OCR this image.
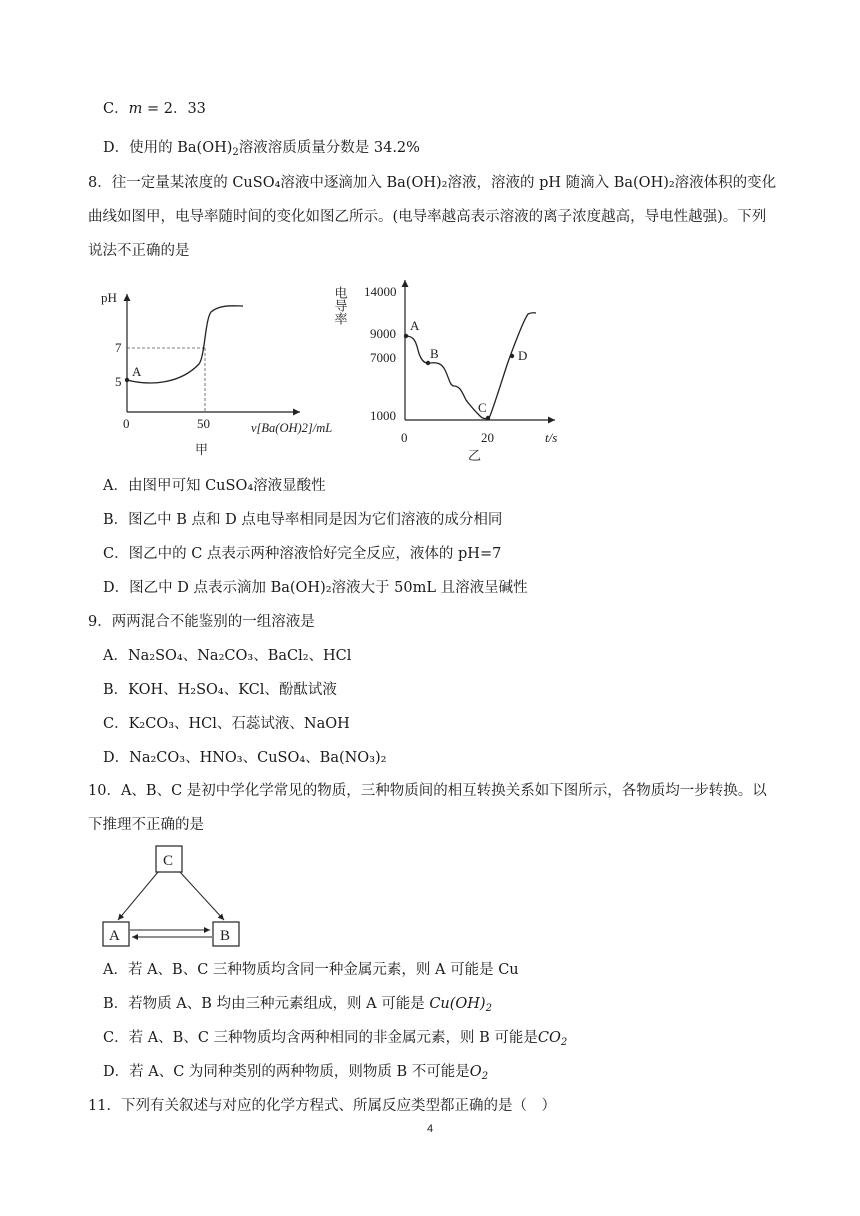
C．m = 2．33
D．使用的 $Ba(OH)_2$溶液溶质质量分数是 34.2%
8．往一定量某浓度的 CuSO₄溶液中逐滴加入 Ba(OH)₂溶液，溶液的 pH 随滴入 Ba(OH)₂溶液体积的变化曲线如图甲，电导率随时间的变化如图乙所示。(电导率越高表示溶液的离子浓度越高，导电性越强)。下列说法不正确的是
pH
7
5
0	50	v[Ba(OH)2]/mL
甲
A
电导率 14000
9000
7000
1000
0	20	t/s
乙
A
B
C
D
A．由图甲可知 CuSO₄溶液显酸性
B．图乙中 B 点和 D 点电导率相同是因为它们溶液的成分相同
C．图乙中的 C 点表示两种溶液恰好完全反应，液体的 pH=7
D．图乙中 D 点表示滴加 Ba(OH)₂溶液大于 50mL 且溶液呈碱性
9．两两混合不能鉴别的一组溶液是
A．Na₂SO₄、Na₂CO₃、BaCl₂、HCl
B．KOH、H₂SO₄、KCl、酚酞试液
C．K₂CO₃、HCl、石蕊试液、NaOH
D．Na₂CO₃、HNO₃、CuSO₄、Ba(NO₃)₂
10．A、B、C 是初中学化学常见的物质，三种物质间的相互转换关系如下图所示，各物质均一步转换。以下推理不正确的是
C
A	B
A．若 A、B、C 三种物质均含同一种金属元素，则 A 可能是 Cu
B．若物质 A、B 均由三种元素组成，则 A 可能是 $Cu(OH)_2$
C．若 A、B、C 三种物质均含两种相同的非金属元素，则 B 可能是$CO_2$
D．若 A、C 为同种类别的两种物质，则物质 B 不可能是$O_2$
11．下列有关叙述与对应的化学方程式、所属反应类型都正确的是（　）
4
